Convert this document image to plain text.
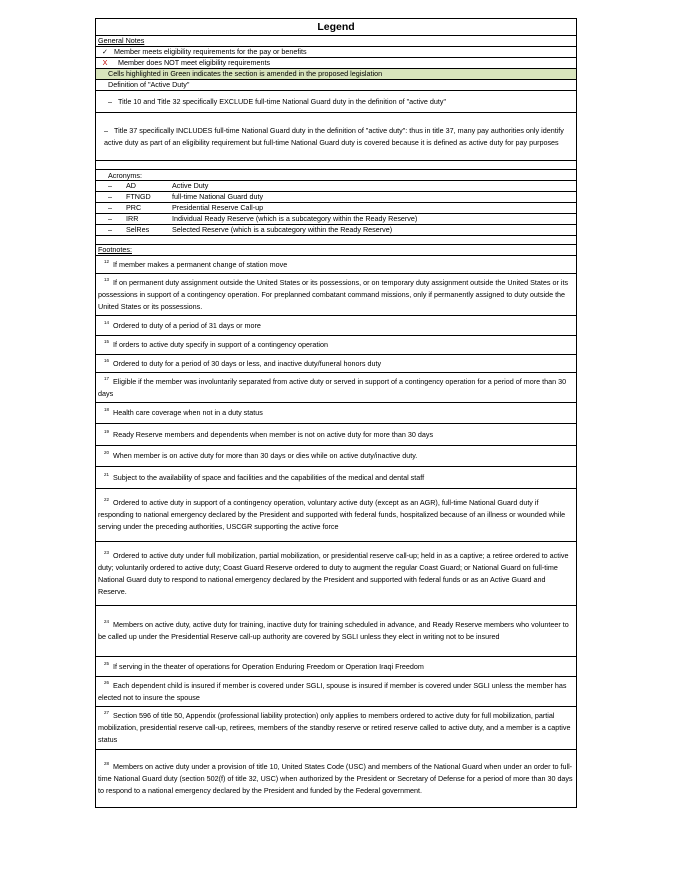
Legend
General Notes
✓ Member meets eligibility requirements for the pay or benefits
X Member does NOT meet eligibility requirements
Cells highlighted in Green indicates the section is amended in the proposed legislation
Definition of "Active Duty"
– Title 10 and Title 32 specifically EXCLUDE full-time National Guard duty in the definition of "active duty"
– Title 37 specifically INCLUDES full-time National Guard duty in the definition of "active duty": thus in title 37, many pay authorities only identify active duty as part of an eligibility requirement but full-time National Guard duty is covered because it is defined as active duty for pay purposes
Acronyms:
– AD	Active Duty
– FTNGD	full-time National Guard duty
– PRC	Presidential Reserve Call-up
– IRR	Individual Ready Reserve (which is a subcategory within the Ready Reserve)
– SelRes	Selected Reserve (which is a subcategory within the Ready Reserve)
Footnotes:
$^{12}$ If member makes a permanent change of station move
$^{13}$ If on permanent duty assignment outside the United States or its possessions, or on temporary duty assignment outside the United States or its possessions in support of a contingency operation. For preplanned combatant command missions, only if permanently assigned to duty outside the United States or its possessions.
$^{14}$ Ordered to duty of a period of 31 days or more
$^{15}$ If orders to active duty specify in support of a contingency operation
$^{16}$ Ordered to duty for a period of 30 days or less, and inactive duty/funeral honors duty
$^{17}$ Eligible if the member was involuntarily separated from active duty or served in support of a contingency operation for a period of more than 30 days
$^{18}$ Health care coverage when not in a duty status
$^{19}$ Ready Reserve members and dependents when member is not on active duty for more than 30 days
$^{20}$ When member is on active duty for more than 30 days or dies while on active duty/inactive duty.
$^{21}$ Subject to the availability of space and facilities and the capabilities of the medical and dental staff
$^{22}$ Ordered to active duty in support of a contingency operation, voluntary active duty (except as an AGR), full-time National Guard duty if responding to national emergency declared by the President and supported with federal funds, hospitalized because of an illness or wounded while serving under the preceding authorities, USCGR supporting the active force
$^{23}$ Ordered to active duty under full mobilization, partial mobilization, or presidential reserve call-up; held in as a captive; a retiree ordered to active duty; voluntarily ordered to active duty; Coast Guard Reserve ordered to duty to augment the regular Coast Guard; or National Guard on full-time National Guard duty to respond to national emergency declared by the President and supported with federal funds or as an Active Guard and Reserve.
$^{24}$ Members on active duty, active duty for training, inactive duty for training scheduled in advance, and Ready Reserve members who volunteer to be called up under the Presidential Reserve call-up authority are covered by SGLI unless they elect in writing not to be insured
$^{25}$ If serving in the theater of operations for Operation Enduring Freedom or Operation Iraqi Freedom
$^{26}$ Each dependent child is insured if member is covered under SGLI, spouse is insured if member is covered under SGLI unless the member has elected not to insure the spouse
$^{27}$ Section 596 of title 50, Appendix (professional liability protection) only applies to members ordered to active duty for full mobilization, partial mobilization, presidential reserve call-up, retirees, members of the standby reserve or retired reserve called to active duty, and a member is a captive status
$^{28}$ Members on active duty under a provision of title 10, United States Code (USC) and members of the National Guard when under an order to full-time National Guard duty (section 502(f) of title 32, USC) when authorized by the President or Secretary of Defense for a period of more than 30 days to respond to a national emergency declared by the President and funded by the Federal government.
